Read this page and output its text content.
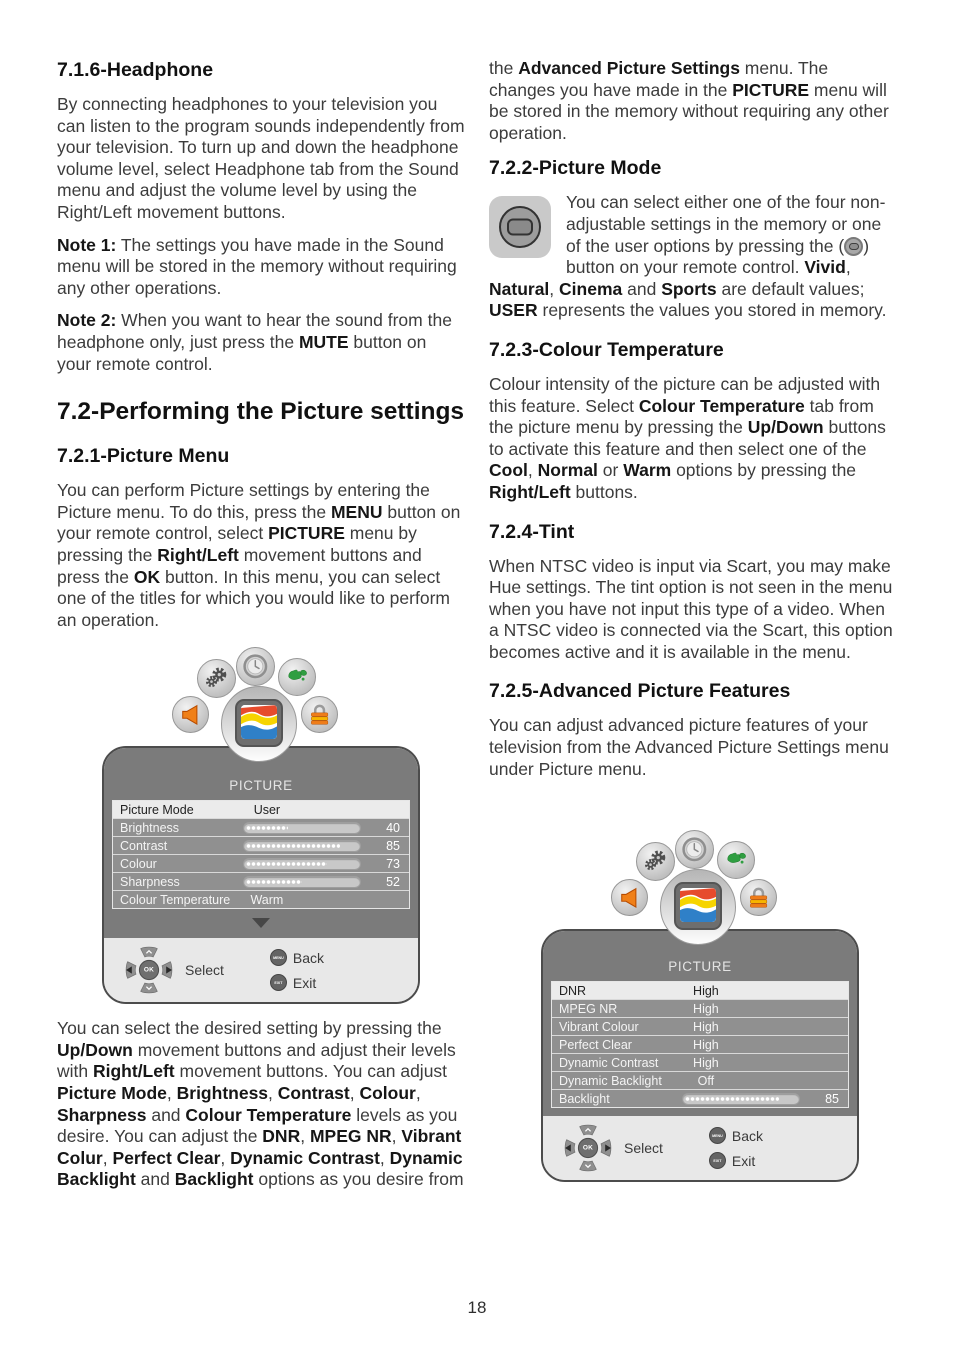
7.1.6-Headphone

By connecting headphones to your television you can listen to the program sounds independently from your television. To turn up and down the headphone volume level, select Headphone tab from the Sound menu and adjust the volume level by using the Right/Left movement buttons.

Note 1: The settings you have made in the Sound menu will be stored in the memory without requiring any other operations.

Note 2: When you want to hear the sound from the headphone only, just press the MUTE button on your remote control.

7.2-Performing the Picture settings
7.2.1-Picture Menu

You can perform Picture settings by entering the Picture menu. To do this, press the MENU button on your remote control, select PICTURE menu by pressing the Right/Left movement buttons and press the OK button. In this menu, you can select one of the titles for which you would like to perform an operation.

PICTURE
Picture Mode	User
Brightness	40
Contrast	85
Colour	73
Sharpness	52
Colour Temperature Warm
OK Select
MENU Back
EXIT Exit

You can select the desired setting by pressing the Up/Down movement buttons and adjust their levels with Right/Left movement buttons. You can adjust Picture Mode, Brightness, Contrast, Colour, Sharpness and Colour Temperature levels as you desire. You can adjust the DNR, MPEG NR, Vibrant Colur, Perfect Clear, Dynamic Contrast, Dynamic Backlight and Backlight options as you desire from

the Advanced Picture Settings menu. The changes you have made in the PICTURE menu will be stored in the memory without requiring any other operation.

7.2.2-Picture Mode

You can select either one of the four non-adjustable settings in the memory or one of the user options by pressing the ( ) button on your remote control. Vivid, Natural, Cinema and Sports are default values; USER represents the values you stored in memory.

7.2.3-Colour Temperature

Colour intensity of the picture can be adjusted with this feature. Select Colour Temperature tab from the picture menu by pressing the Up/Down buttons to activate this feature and then select one of the Cool, Normal or Warm options by pressing the Right/Left buttons.

7.2.4-Tint

When NTSC video is input via Scart, you may make Hue settings. The tint option is not seen in the menu when you have not input this type of a video. When a NTSC video is connected via the Scart, this option becomes active and it is available in the menu.

7.2.5-Advanced Picture Features

You can adjust advanced picture features of your television from the Advanced Picture Settings menu under Picture menu.

PICTURE
DNR	High
MPEG NR	High
Vibrant Colour	High
Perfect Clear	High
Dynamic Contrast	High
Dynamic Backlight	Off
Backlight	85
OK Select
MENU Back
EXIT Exit
18
